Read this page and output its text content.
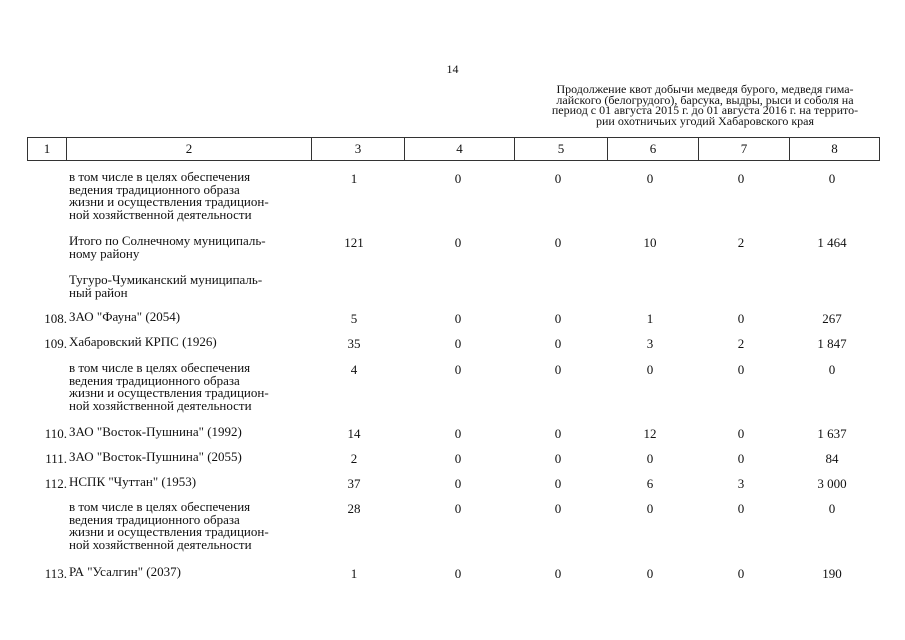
14
Продолжение квот добычи медведя бурого, медведя гима-
лайского (белогрудого), барсука, выдры, рыси и соболя на
период с 01 августа 2015 г. до 01 августа 2016 г. на террито-
рии охотничьих угодий Хабаровского края
1	2	3	4	5	6	7	8
в том числе в целях обеспечения
ведения традиционного образа
жизни и осуществления традицион-
ной хозяйственной деятельности
1	0	0	0	0	0
Итого по Солнечному муниципаль-
ному району
121	0	0	10	2	1 464
Тугуро-Чумиканский муниципаль-
ный район
108. ЗАО "Фауна" (2054)	5	0	0	1	0	267
109. Хабаровский КРПС (1926)	35	0	0	3	2	1 847
в том числе в целях обеспечения
ведения традиционного образа
жизни и осуществления традицион-
ной хозяйственной деятельности
4	0	0	0	0	0
110. ЗАО "Восток-Пушнина" (1992)	14	0	0	12	0	1 637
111. ЗАО "Восток-Пушнина" (2055)	2	0	0	0	0	84
112. НСПК "Чуттан" (1953)	37	0	0	6	3	3 000
в том числе в целях обеспечения
ведения традиционного образа
жизни и осуществления традицион-
ной хозяйственной деятельности
28	0	0	0	0	0
113. РА "Усалгин" (2037)	1	0	0	0	0	190
